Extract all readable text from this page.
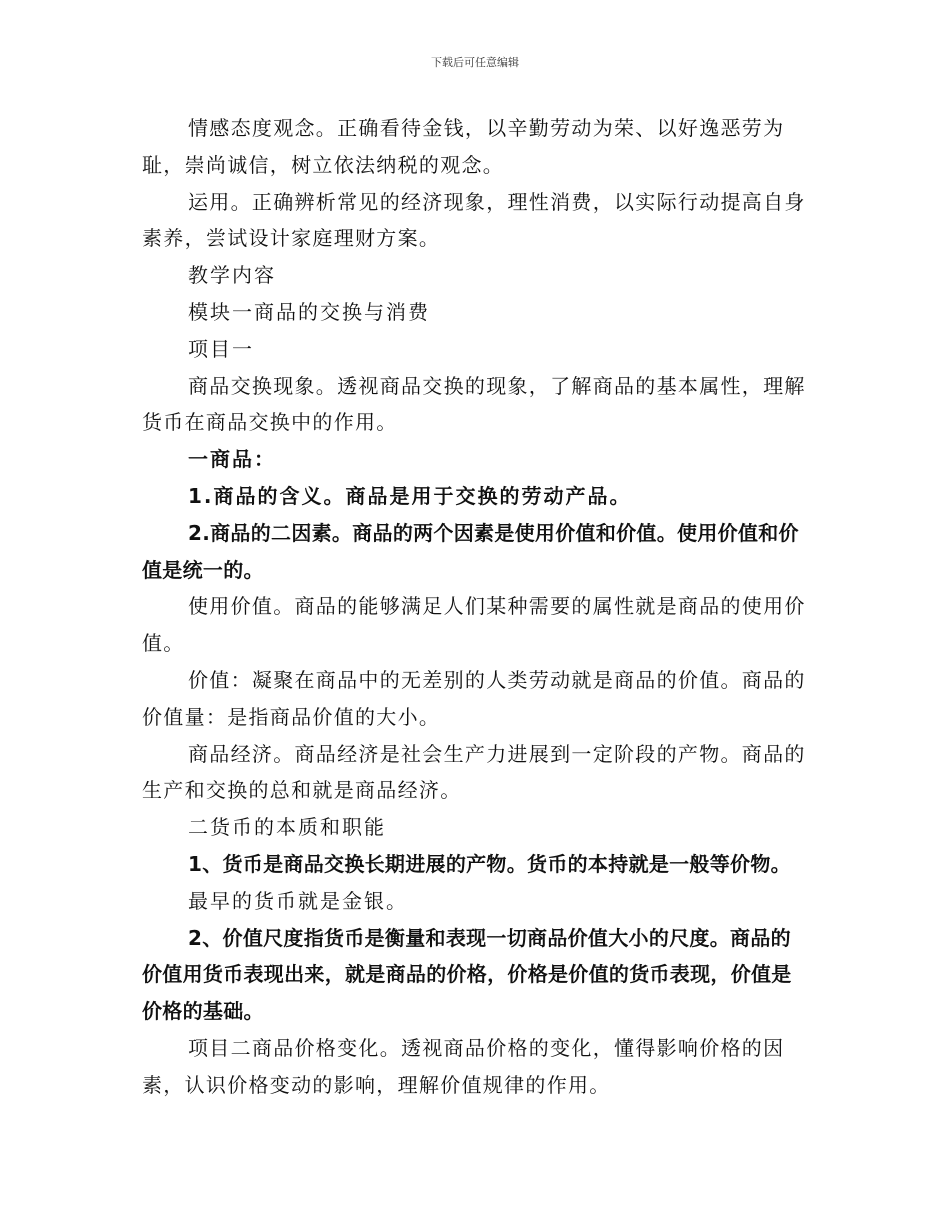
下载后可任意编辑

情感态度观念。正确看待金钱，以辛勤劳动为荣、以好逸恶劳为耻，崇尚诚信，树立依法纳税的观念。

运用。正确辨析常见的经济现象，理性消费，以实际行动提高自身素养，尝试设计家庭理财方案。

教学内容

模块一商品的交换与消费

项目一

商品交换现象。透视商品交换的现象，了解商品的基本属性，理解货币在商品交换中的作用。

一商品：

1.商品的含义。商品是用于交换的劳动产品。

2.商品的二因素。商品的两个因素是使用价值和价值。使用价值和价值是统一的。

使用价值。商品的能够满足人们某种需要的属性就是商品的使用价值。

价值：凝聚在商品中的无差别的人类劳动就是商品的价值。商品的价值量：是指商品价值的大小。

商品经济。商品经济是社会生产力进展到一定阶段的产物。商品的生产和交换的总和就是商品经济。

二货币的本质和职能

1、货币是商品交换长期进展的产物。货币的本持就是一般等价物。

最早的货币就是金银。

2、价值尺度指货币是衡量和表现一切商品价值大小的尺度。商品的价值用货币表现出来，就是商品的价格，价格是价值的货币表现，价值是价格的基础。

项目二商品价格变化。透视商品价格的变化，懂得影响价格的因素，认识价格变动的影响，理解价值规律的作用。
